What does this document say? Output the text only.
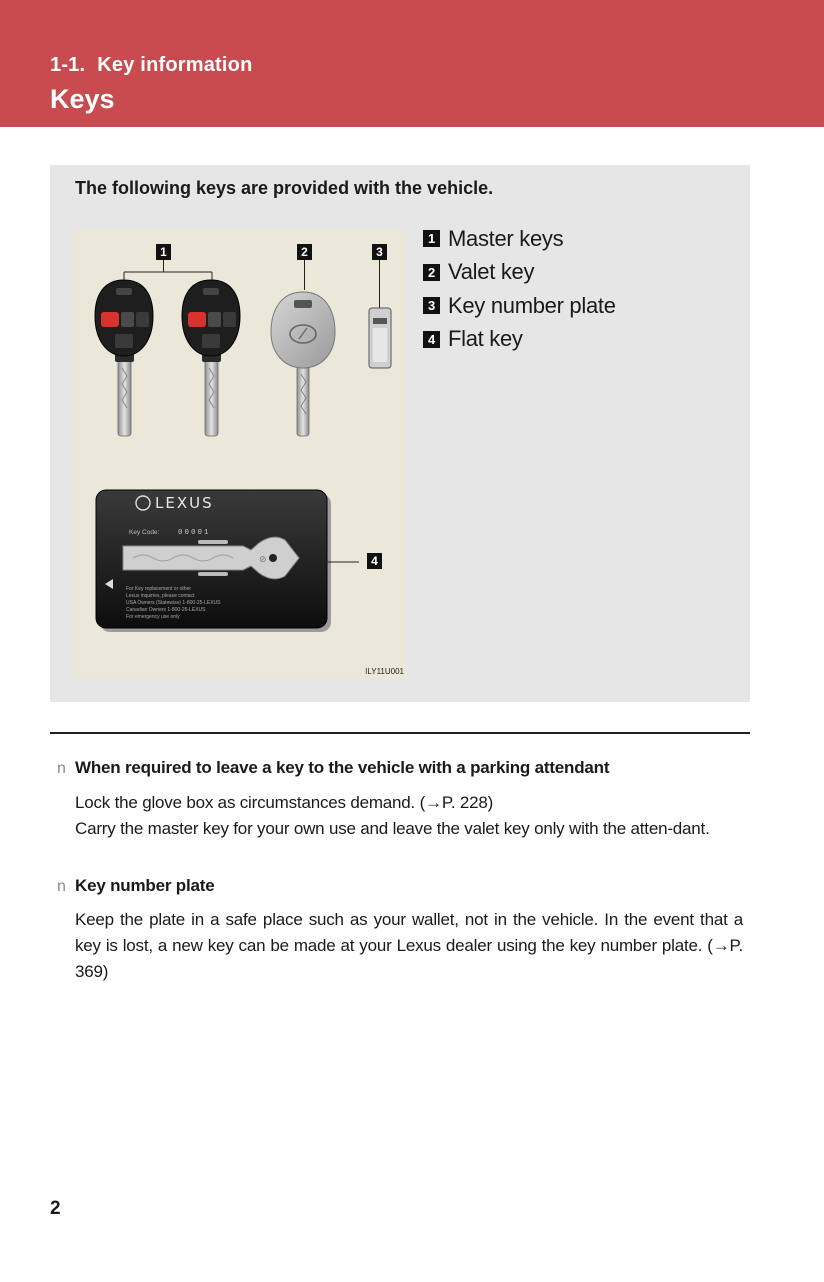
1-1. Key information
Keys
The following keys are provided with the vehicle.
1	2	3
LEXUS
Key Code: 00001
⊘
For Key replacement or other
Lexus inquiries, please contact
USA Owners (Statewise) 1-800-25-LEXUS
Canadian Owners 1-800-26-LEXUS
For emergency use only
4
ILY11U001
1 Master keys
2 Valet key
3 Key number plate
4 Flat key
n When required to leave a key to the vehicle with a parking attendant

Lock the glove box as circumstances demand. (→P. 228)

Carry the master key for your own use and leave the valet key only with the atten-dant.

n Key number plate

Keep the plate in a safe place such as your wallet, not in the vehicle. In the event that a key is lost, a new key can be made at your Lexus dealer using the key number plate. (→P. 369)

2
